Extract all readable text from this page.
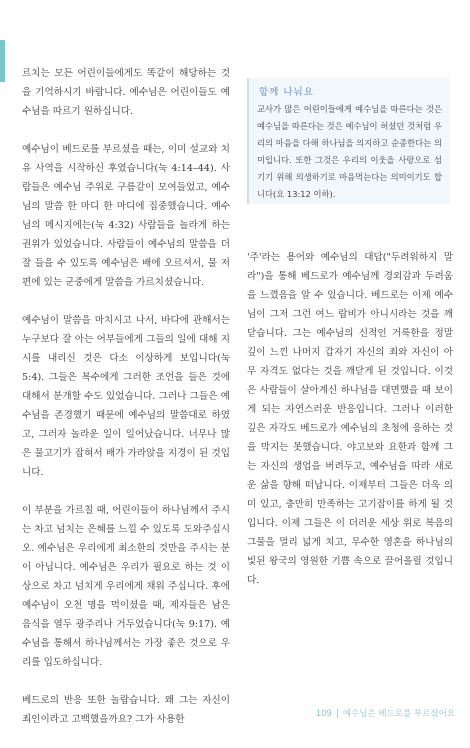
르치는 모든 어린이들에게도 똑같이 해당하는 것을 기억하시기 바랍니다. 예수님은 어린이들도 예수님을 따르기 원하십니다.

예수님이 베드로를 부르셨을 때는, 이미 설교와 치유 사역을 시작하신 후였습니다(눅 4:14–44). 사람들은 예수님 주위로 구름같이 모여들었고, 예수님의 말씀 한 마디 한 마디에 집중했습니다. 예수님의 메시지에는(눅 4:32) 사람들을 놀라게 하는 권위가 있었습니다. 사람들이 예수님의 말씀을 더 잘 들을 수 있도록 예수님은 배에 오르셔서, 물 저편에 있는 군중에게 말씀을 가르치셨습니다.

예수님이 말씀을 마치시고 나서, 바다에 관해서는 누구보다 잘 아는 어부들에게 그들의 일에 대해 지시를 내리신 것은 다소 이상하게 보입니다(눅 5:4). 그들은 복수에게 그러한 조언을 들은 것에 대해서 분개할 수도 있었습니다. 그러나 그들은 예수님을 존경했기 때문에 예수님의 말씀대로 하였고, 그러자 놀라운 일이 일어났습니다. 너무나 많은 물고기가 잡혀서 배가 가라앉을 지경이 된 것입니다.

이 부분을 가르칠 때, 어린이들이 하나님께서 주시는 차고 넘치는 은혜를 느낄 수 있도록 도와주십시오. 예수님은 우리에게 최소한의 것만을 주시는 분이 아닙니다. 예수님은 우리가 필요로 하는 것 이상으로 차고 넘치게 우리에게 채워 주십니다. 후에 예수님이 오천 명을 먹이셨을 때, 제자들은 남은 음식을 열두 광주리나 거두었습니다(눅 9:17). 예수님을 통해서 하나님께서는 가장 좋은 것으로 우리를 입도하십니다.

베드로의 반응 또한 놀랍습니다. 왜 그는 자신이 죄인이라고 고백했을까요? 그가 사용한

함께 나눠요
교사가 많은 어린이들에게 예수님을 따른다는 것은 예수님을 따른다는 것은 예수님이 허셨던 것처럼 우리의 마음을 다해 하나님을 의지하고 순종한다는 의미입니다. 또한 그것은 우리의 이웃을 사랑으로 섬기기 위해 의생하기로 마음먹는다는 의미이기도 합니다(요 13:12 이하).

'주'라는 용어와 예수님의 대답("두려워하지 말라")을 통해 베드로가 예수님께 경외감과 두려움을 느꼈음을 알 수 있습니다. 베드로는 이제 예수님이 그저 그런 여느 랍비가 아니시라는 것을 깨닫습니다. 그는 예수님의 신적인 거룩한을 정말 깊이 느낀 나머지 갑자기 자신의 죄와 자신이 아무 자격도 없다는 것을 깨닫게 된 것입니다. 이것은 사람들이 살아계신 하나님을 대면했을 때 보이게 되는 자연스러운 반응입니다. 그러나 이러한 깊은 자각도 베드로가 예수님의 초청에 응하는 것을 막지는 못했습니다. 야고보와 요한과 함께 그는 자신의 생업을 버려두고, 예수님을 따라 새로운 삶을 향해 떠납니다. 이제부터 그들은 더욱 의미 있고, 충만히 만족하는 고기잡이를 하게 될 것입니다. 이제 그들은 이 더러운 세상 위로 복음의 그물을 멀리 넓게 치고, 무수한 영혼을 하나님의 빛된 왕국의 영원한 기쁨 속으로 끌어올릴 것입니다.

109 | 예수님은 베드로를 부르셨어요
